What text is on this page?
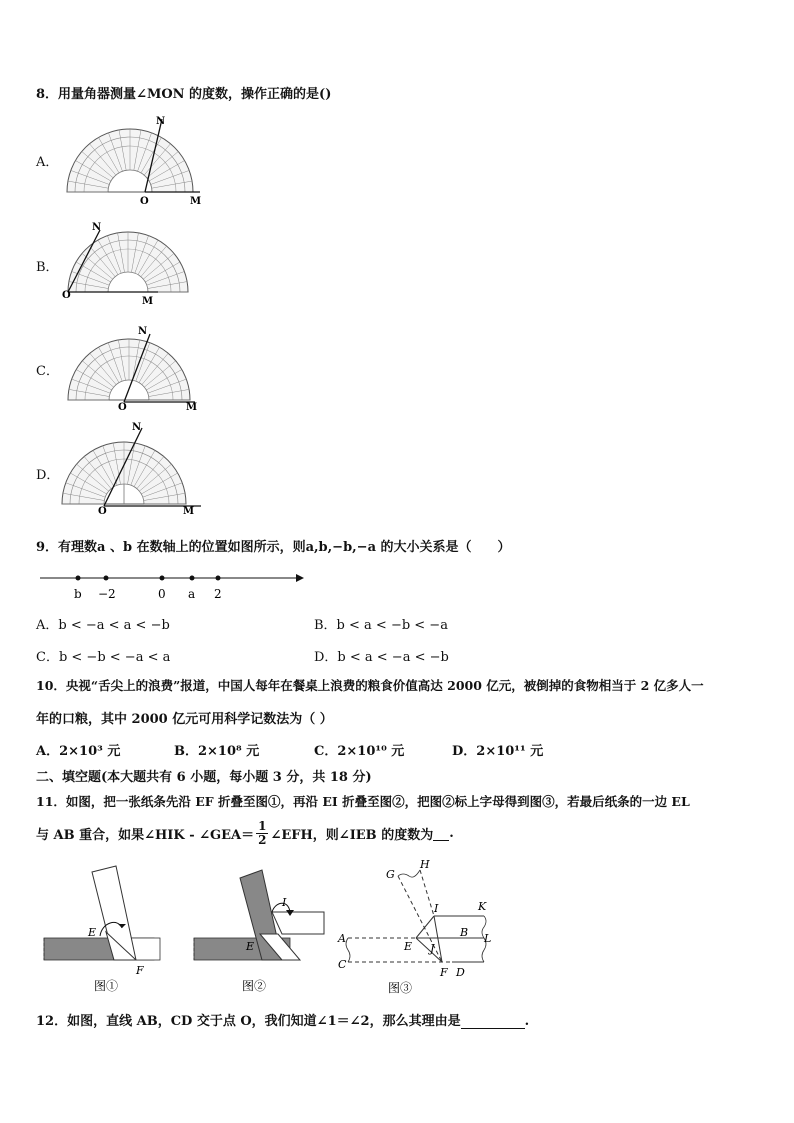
8．用量角器测量∠MON 的度数，操作正确的是()
A．
N
O	M
B．
N
O
M
C．
N
O	M
D．
N
O	M
9．有理数a 、b 在数轴上的位置如图所示，则a,b,−b,−a 的大小关系是（　　）
b −2	0 a 2
A．b < −a < a < −b	B．b < a < −b < −a
C．b < −b < −a < a	D．b < a < −a < −b
10．央视“舌尖上的浪费”报道，中国人每年在餐桌上浪费的粮食价值高达 2000 亿元，被倒掉的食物相当于 2 亿多人一
年的口粮，其中 2000 亿元可用科学记数法为（ ）
A．2×10³ 元	B．2×10⁸ 元	C．2×10¹⁰ 元	D．2×10¹¹ 元
二、填空题(本大题共有 6 小题，每小题 3 分，共 18 分)
11．如图，把一张纸条先沿 EF 折叠至图①，再沿 EI 折叠至图②，把图②标上字母得到图③，若最后纸条的一边 EL
与 AB 重合，如果∠HIK - ∠GEA＝ $\frac{1}{2}$ ∠EFH，则∠IEB 的度数为 .
E
F
图①
I
E
图②
G
H
I	K
A
E J
B L
C
F D
图③
12．如图，直线 AB，CD 交于点 O，我们知道∠1＝∠2，那么其理由是	.
